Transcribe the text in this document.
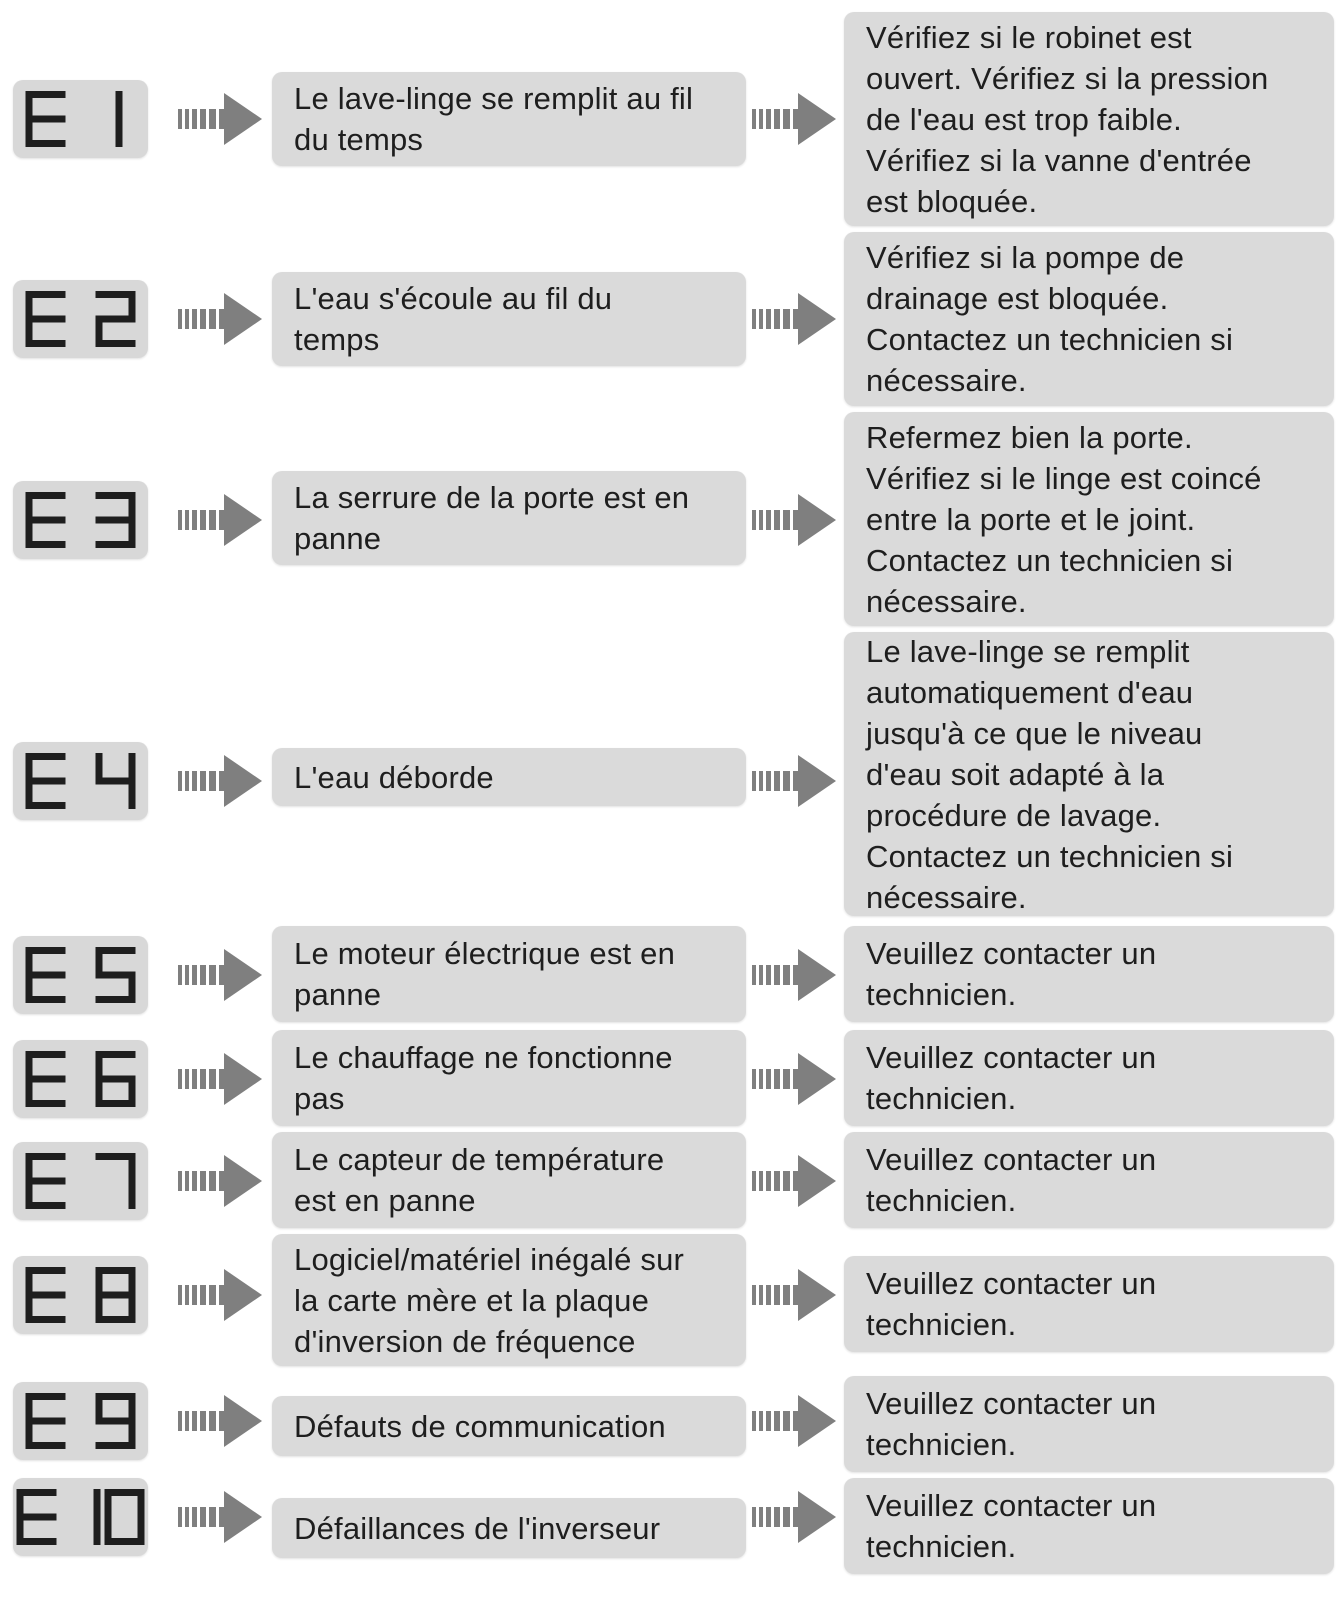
Le lave-linge se remplit au fil
du temps
Vérifiez si le robinet est
ouvert. Vérifiez si la pression
de l'eau est trop faible.
Vérifiez si la vanne d'entrée
est bloquée.
L'eau s'écoule au fil du
temps
Vérifiez si la pompe de
drainage est bloquée.
Contactez un technicien si
nécessaire.
La serrure de la porte est en
panne
Refermez bien la porte.
Vérifiez si le linge est coincé
entre la porte et le joint.
Contactez un technicien si
nécessaire.
L'eau déborde
Le lave-linge se remplit
automatiquement d'eau
jusqu'à ce que le niveau
d'eau soit adapté à la
procédure de lavage.
Contactez un technicien si
nécessaire.
Le moteur électrique est en
panne
Veuillez contacter un
technicien.
Le chauffage ne fonctionne
pas
Veuillez contacter un
technicien.
Le capteur de température
est en panne
Veuillez contacter un
technicien.
Logiciel/matériel inégalé sur
la carte mère et la plaque
d'inversion de fréquence
Veuillez contacter un
technicien.
Défauts de communication
Veuillez contacter un
technicien.
Défaillances de l'inverseur
Veuillez contacter un
technicien.
